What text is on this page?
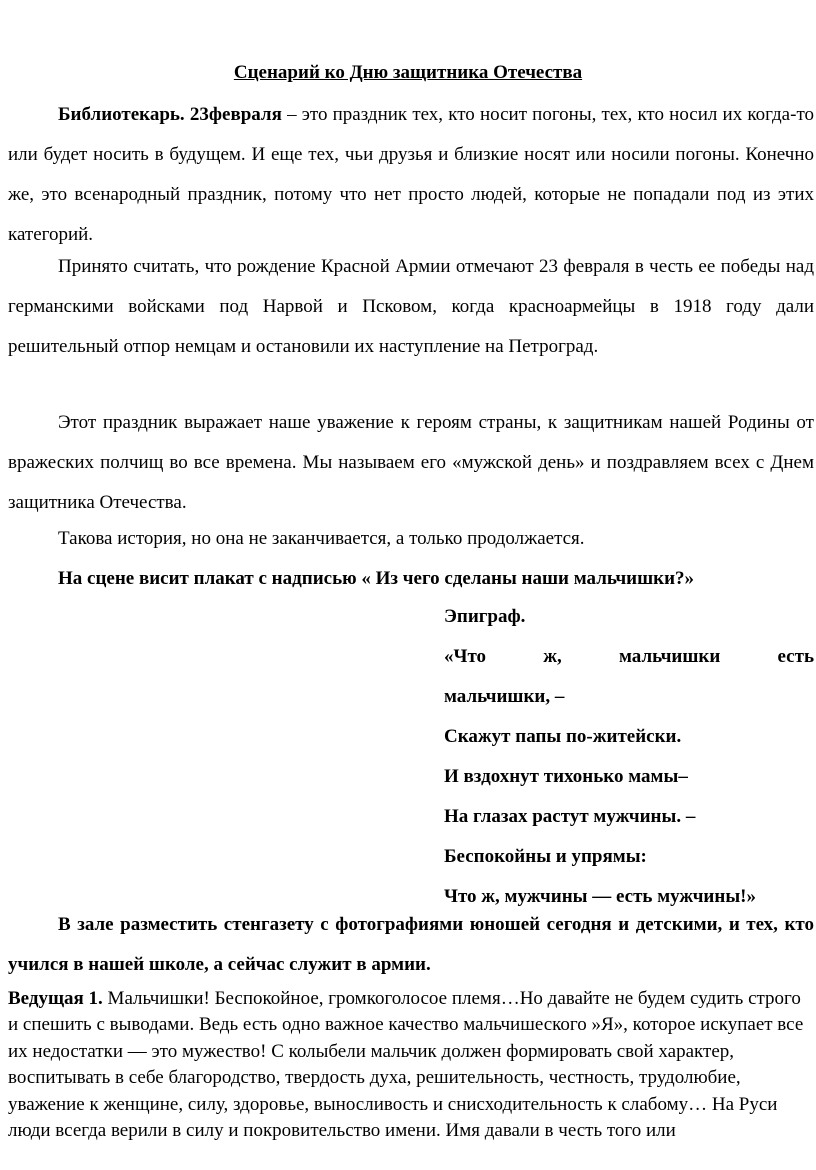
Сценарий ко Дню защитника Отечества
Библиотекарь. 23февраля – это праздник тех, кто носит погоны, тех, кто носил их когда-то или будет носить в будущем. И еще тех, чьи друзья и близкие носят или носили погоны. Конечно же, это всенародный праздник, потому что нет просто людей, которые не попадали под из этих категорий.
Принято считать, что рождение Красной Армии отмечают 23 февраля в честь ее победы над германскими войсками под Нарвой и Псковом, когда красноармейцы в 1918 году дали решительный отпор немцам и остановили их наступление на Петроград.
Этот праздник выражает наше уважение к героям страны, к защитникам нашей Родины от вражеских полчищ во все времена. Мы называем его «мужской день» и поздравляем всех с Днем защитника Отечества.
Такова история, но она не заканчивается, а только продолжается.
На сцене висит плакат с надписью « Из чего сделаны наши мальчишки?»
Эпиграф.
«Что	ж,	мальчишки	есть
мальчишки, –
Скажут папы по-житейски.
И вздохнут тихонько мамы–
На глазах растут мужчины. –
Беспокойны и упрямы:
Что ж, мужчины — есть мужчины!»
В зале разместить стенгазету с фотографиями юношей сегодня и детскими, и тех, кто учился в нашей школе, а сейчас служит в армии.
Ведущая 1. Мальчишки! Беспокойное, громкоголосое племя…Но давайте не будем судить строго и спешить с выводами. Ведь есть одно важное качество мальчишеского »Я», которое искупает все их недостатки — это мужество! С колыбели мальчик должен формировать свой характер, воспитывать в себе благородство, твердость духа, решительность, честность, трудолюбие, уважение к женщине, силу, здоровье, выносливость и снисходительность к слабому… На Руси люди всегда верили в силу и покровительство имени. Имя давали в честь того или
